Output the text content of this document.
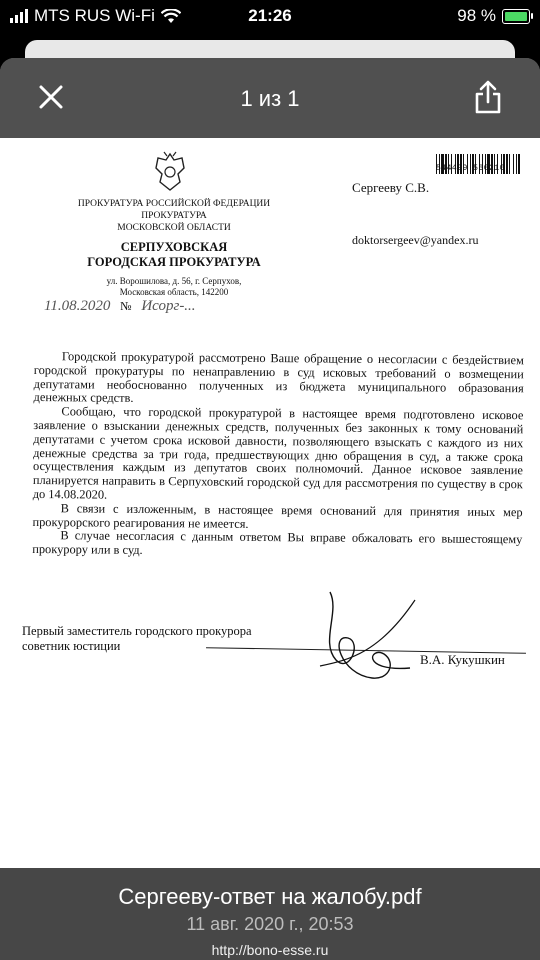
MTS RUS Wi-Fi	21:26	98 %
1 из 1
544439 560210
ПРОКУРАТУРА РОССИЙСКОЙ ФЕДЕРАЦИИ
ПРОКУРАТУРА
МОСКОВСКОЙ ОБЛАСТИ
СЕРПУХОВСКАЯ
ГОРОДСКАЯ ПРОКУРАТУРА
ул. Ворошилова, д. 56, г. Серпухов,
Московская область, 142200
Сергееву С.В.
doktorsergeev@yandex.ru
11.08.2020 № Исорг-...

Городской прокуратурой рассмотрено Ваше обращение о несогласии с бездействием городской прокуратуры по ненаправлению в суд исковых требований о возмещении депутатами необоснованно полученных из бюджета муниципального образования денежных средств.

Сообщаю, что городской прокуратурой в настоящее время подготовлено исковое заявление о взыскании денежных средств, полученных без законных к тому оснований депутатами с учетом срока исковой давности, позволяющего взыскать с каждого из них денежные средства за три года, предшествующих дню обращения в суд, а также срока осуществления каждым из депутатов своих полномочий. Данное исковое заявление планируется направить в Серпуховский городской суд для рассмотрения по существу в срок до 14.08.2020.

В связи с изложенным, в настоящее время оснований для принятия иных мер прокурорского реагирования не имеется.

В случае несогласия с данным ответом Вы вправе обжаловать его вышестоящему прокурору или в суд.

Первый заместитель городского прокурора
советник юстиции
В.А. Кукушкин
Сергееву-ответ на жалобу.pdf
11 авг. 2020 г., 20:53
http://bono-esse.ru
